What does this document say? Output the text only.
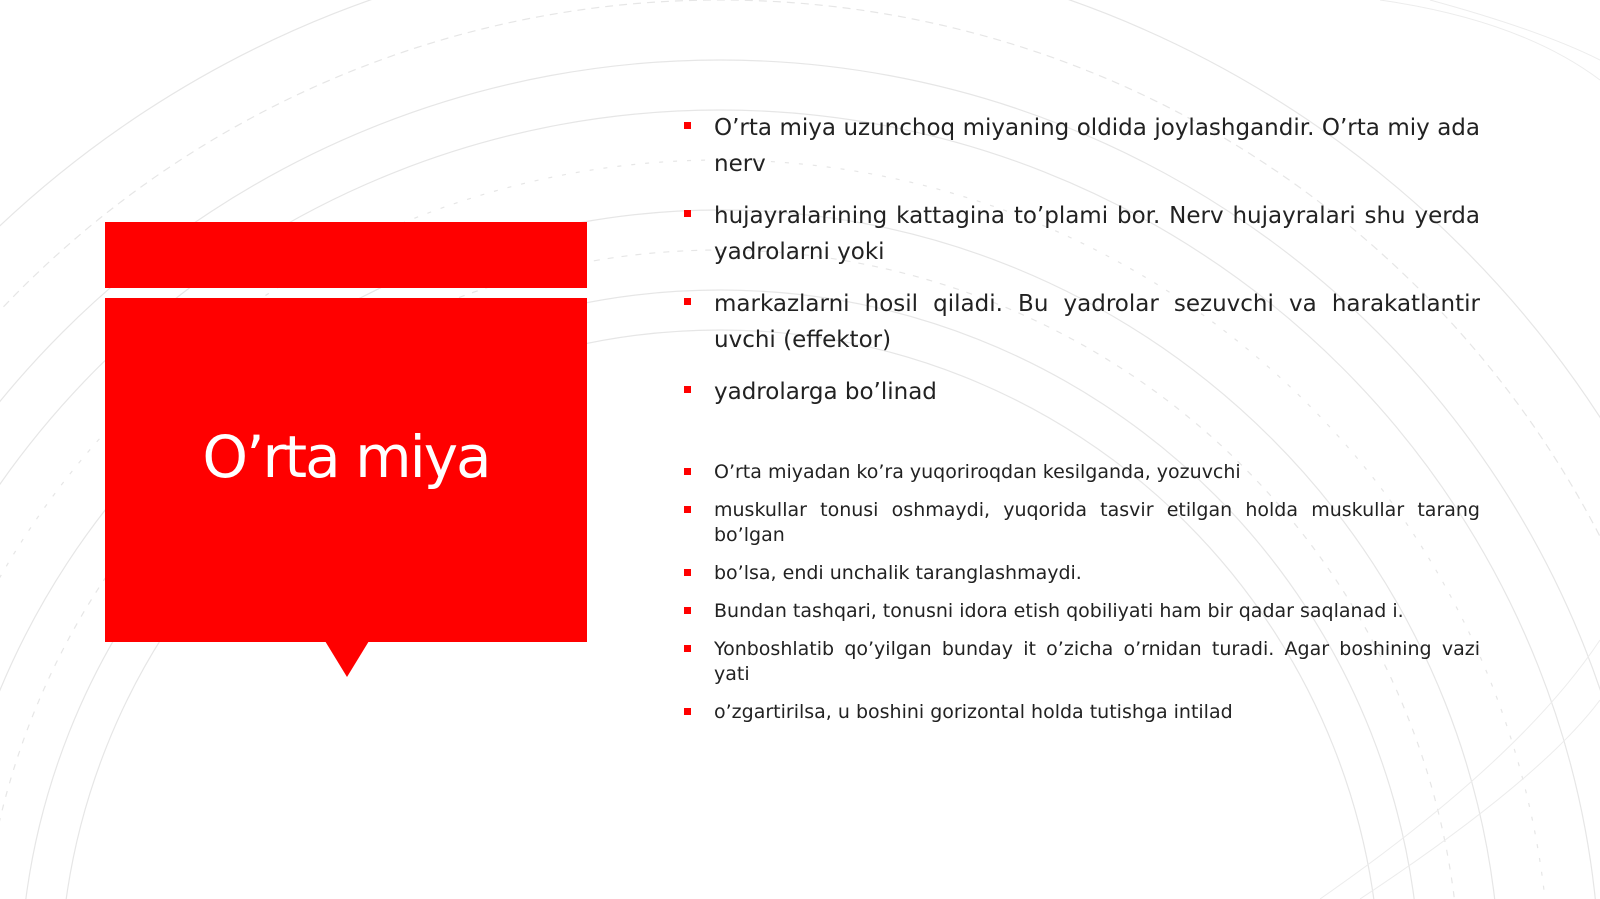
O’rta miya
O’rta miya uzunchoq miyaning oldida joylashgandir. O’rta miy ada nerv
hujayralarining kattagina to’plami bor. Nerv hujayralari shu yerda yadrolarni yoki
markazlarni hosil qiladi. Bu yadrolar sezuvchi va harakatlantir uvchi (effektor)
yadrolarga bo’linad
O’rta miyadan ko’ra yuqoriroqdan kesilganda, yozuvchi
muskullar tonusi oshmaydi, yuqorida tasvir etilgan holda muskullar tarang bo’lgan
bo’lsa, endi unchalik taranglashmaydi.
Bundan tashqari, tonusni idora etish qobiliyati ham bir qadar saqlanad i.
Yonboshlatib qo’yilgan bunday it o’zicha o’rnidan turadi. Agar boshining vazi yati
o’zgartirilsa, u boshini gorizontal holda tutishga intilad
